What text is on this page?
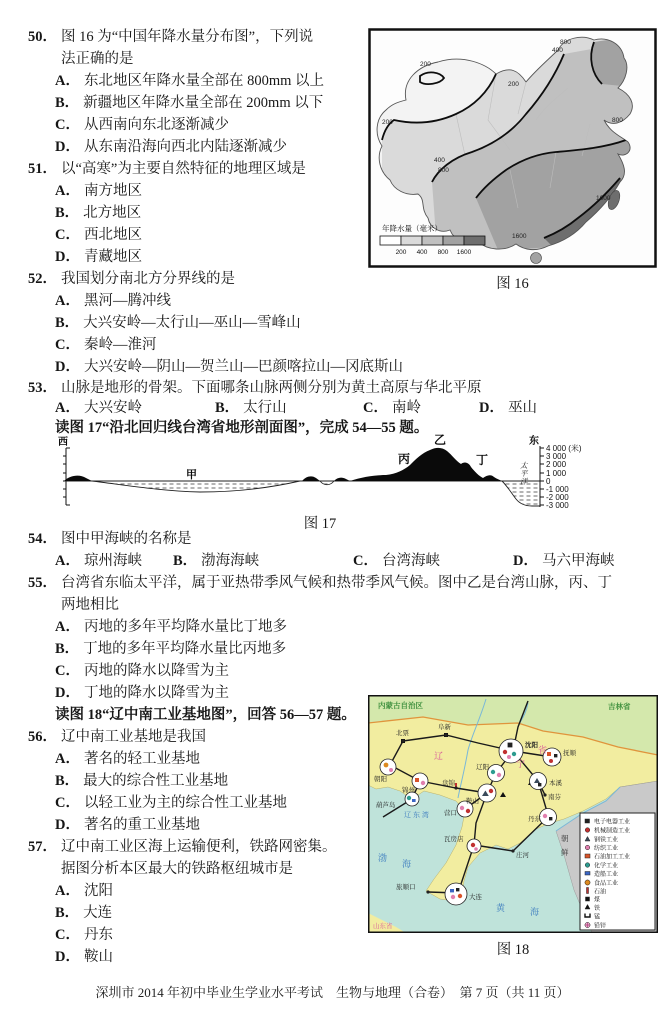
50． 图 16 为“中国年降水量分布图”，下列说
法正确的是
A． 东北地区年降水量全部在 800mm 以上
B． 新疆地区年降水量全部在 200mm 以下
C． 从西南向东北逐渐减少
D． 从东南沿海向西北内陆逐渐减少
51． 以“高寒”为主要自然特征的地理区域是
A． 南方地区
B． 北方地区
C． 西北地区
D． 青藏地区
52． 我国划分南北方分界线的是
A． 黑河—腾冲线
B． 大兴安岭—太行山—巫山—雪峰山
C． 秦岭—淮河
D． 大兴安岭—阴山—贺兰山—巴颜喀拉山—冈底斯山
53． 山脉是地形的骨架。下面哪条山脉两侧分别为黄土高原与华北平原
A． 大兴安岭	B． 太行山	C． 南岭	D． 巫山
读图 17“沿北回归线台湾省地形剖面图”，完成 54—55 题。
4 000 (米)
3 000
2 000
1 000
0
-1 000
-2 000
-3 000
西	东
甲
乙
丙	丁	太
平
洋
图 17
54． 图中甲海峡的名称是
A． 琼州海峡	B． 渤海海峡	C． 台湾海峡	D． 马六甲海峡
55． 台湾省东临太平洋，属于亚热带季风气候和热带季风气候。图中乙是台湾山脉，丙、丁
两地相比
A． 丙地的多年平均降水量比丁地多
B． 丁地的多年平均降水量比丙地多
C． 丙地的降水以降雪为主
D． 丁地的降水以降雪为主
读图 18“辽中南工业基地图”，回答 56—57 题。
56． 辽中南工业基地是我国
A． 著名的轻工业基地
B． 最大的综合性工业基地
C． 以轻工业为主的综合性工业基地
D． 著名的重工业基地
57． 辽中南工业区海上运输便利，铁路网密集。
据图分析本区最大的铁路枢纽城市是
A． 沈阳
B． 大连
C． 丹东
D． 鞍山
200
800
400
200
200	800
400
800
1600
1600
年降水量（毫米）
200 400 800 1600
图 16
北票
阜新
沈阳
抚顺
朝阳
锦州
盘锦
辽阳
本溪
南芬
葫芦岛
营口
鞍山
丹东
瓦房店
庄河
大连
旅顺口
内蒙古自治区	吉林省
辽
宁
省
朝
鲜
山东省
辽 东 湾
渤
海
黄	海
电子电器工业
机械制造工业
钢铁工业
纺织工业
石油加工工业
化学工业
造船工业
食品工业
石油
煤
铁
锰
铅锌
图 18
深圳市 2014 年初中毕业生学业水平考试　生物与地理（合卷）　第 7 页（共 11 页）
